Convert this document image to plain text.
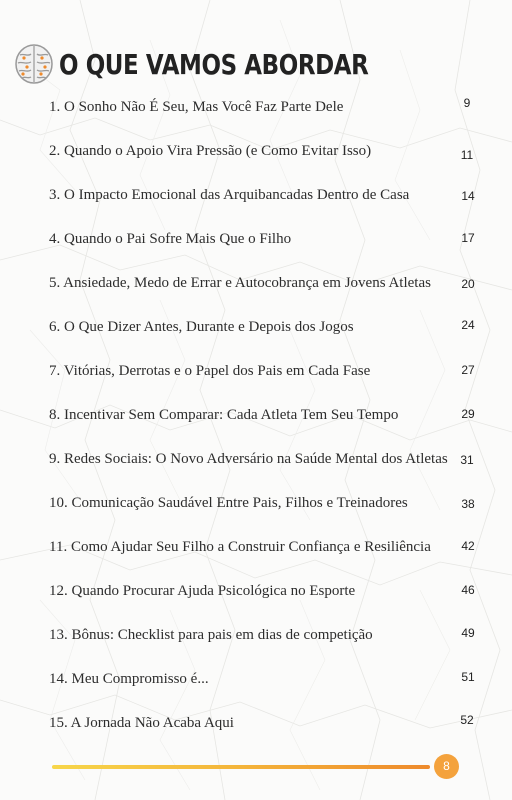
O QUE VAMOS ABORDAR
1. O Sonho Não É Seu, Mas Você Faz Parte Dele	9
2. Quando o Apoio Vira Pressão (e Como Evitar Isso)	11
3. O Impacto Emocional das Arquibancadas Dentro de Casa	14
4. Quando o Pai Sofre Mais Que o Filho	17
5. Ansiedade, Medo de Errar e Autocobrança em Jovens Atletas	20
6. O Que Dizer Antes, Durante e Depois dos Jogos	24
7. Vitórias, Derrotas e o Papel dos Pais em Cada Fase	27
8. Incentivar Sem Comparar: Cada Atleta Tem Seu Tempo	29
9. Redes Sociais: O Novo Adversário na Saúde Mental dos Atletas	31
10. Comunicação Saudável Entre Pais, Filhos e Treinadores	38
11. Como Ajudar Seu Filho a Construir Confiança e Resiliência	42
12. Quando Procurar Ajuda Psicológica no Esporte	46
13. Bônus: Checklist para pais em dias de competição	49
14. Meu Compromisso é...	51
15. A Jornada Não Acaba Aqui	52
8
